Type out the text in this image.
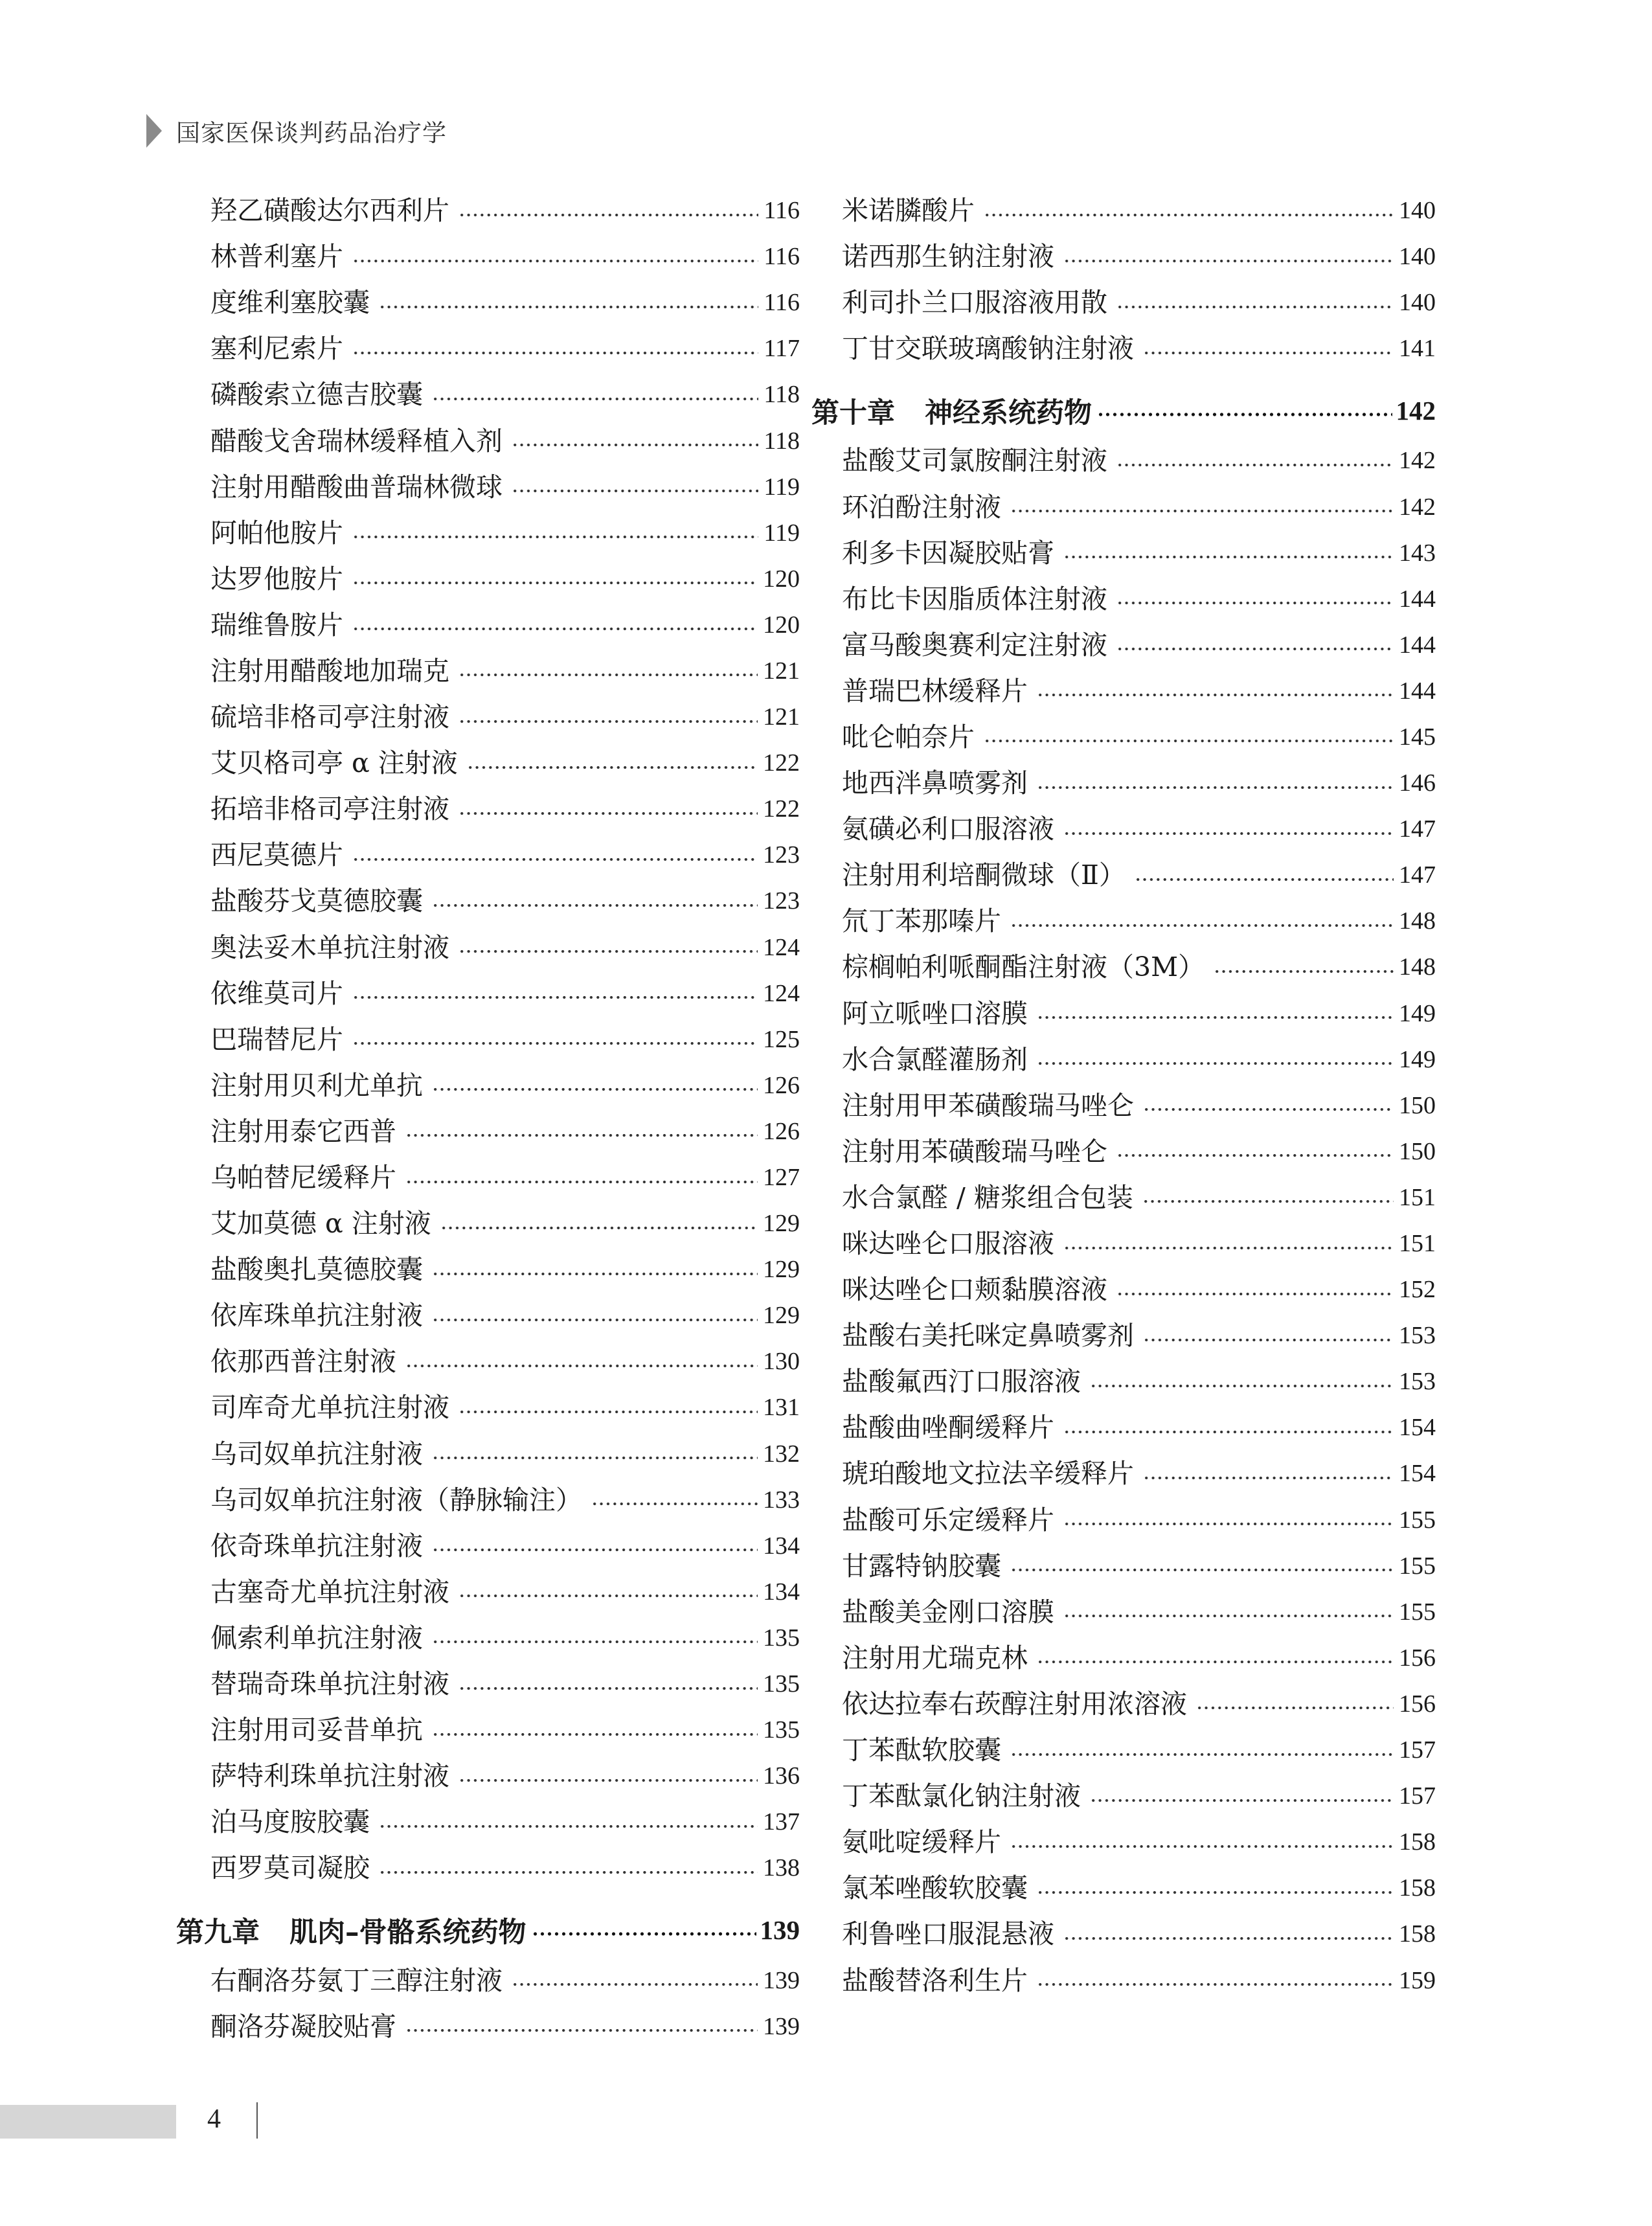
国家医保谈判药品治疗学
羟乙磺酸达尔西利片	116
林普利塞片	116
度维利塞胶囊	116
塞利尼索片	117
磷酸索立德吉胶囊	118
醋酸戈舍瑞林缓释植入剂	118
注射用醋酸曲普瑞林微球	119
阿帕他胺片	119
达罗他胺片	120
瑞维鲁胺片	120
注射用醋酸地加瑞克	121
硫培非格司亭注射液	121
艾贝格司亭 α 注射液	122
拓培非格司亭注射液	122
西尼莫德片	123
盐酸芬戈莫德胶囊	123
奥法妥木单抗注射液	124
依维莫司片	124
巴瑞替尼片	125
注射用贝利尤单抗	126
注射用泰它西普	126
乌帕替尼缓释片	127
艾加莫德 α 注射液	129
盐酸奥扎莫德胶囊	129
依库珠单抗注射液	129
依那西普注射液	130
司库奇尤单抗注射液	131
乌司奴单抗注射液	132
乌司奴单抗注射液（静脉输注）	133
依奇珠单抗注射液	134
古塞奇尤单抗注射液	134
佩索利单抗注射液	135
替瑞奇珠单抗注射液	135
注射用司妥昔单抗	135
萨特利珠单抗注射液	136
泊马度胺胶囊	137
西罗莫司凝胶	138
第九章 肌肉–骨骼系统药物	139
右酮洛芬氨丁三醇注射液	139
酮洛芬凝胶贴膏	139
米诺膦酸片	140
诺西那生钠注射液	140
利司扑兰口服溶液用散	140
丁甘交联玻璃酸钠注射液	141
第十章 神经系统药物	142
盐酸艾司氯胺酮注射液	142
环泊酚注射液	142
利多卡因凝胶贴膏	143
布比卡因脂质体注射液	144
富马酸奥赛利定注射液	144
普瑞巴林缓释片	144
吡仑帕奈片	145
地西泮鼻喷雾剂	146
氨磺必利口服溶液	147
注射用利培酮微球（Ⅱ）	147
氘丁苯那嗪片	148
棕榈帕利哌酮酯注射液（3M）	148
阿立哌唑口溶膜	149
水合氯醛灌肠剂	149
注射用甲苯磺酸瑞马唑仑	150
注射用苯磺酸瑞马唑仑	150
水合氯醛 / 糖浆组合包装	151
咪达唑仑口服溶液	151
咪达唑仑口颊黏膜溶液	152
盐酸右美托咪定鼻喷雾剂	153
盐酸氟西汀口服溶液	153
盐酸曲唑酮缓释片	154
琥珀酸地文拉法辛缓释片	154
盐酸可乐定缓释片	155
甘露特钠胶囊	155
盐酸美金刚口溶膜	155
注射用尤瑞克林	156
依达拉奉右莰醇注射用浓溶液	156
丁苯酞软胶囊	157
丁苯酞氯化钠注射液	157
氨吡啶缓释片	158
氯苯唑酸软胶囊	158
利鲁唑口服混悬液	158
盐酸替洛利生片	159
4
